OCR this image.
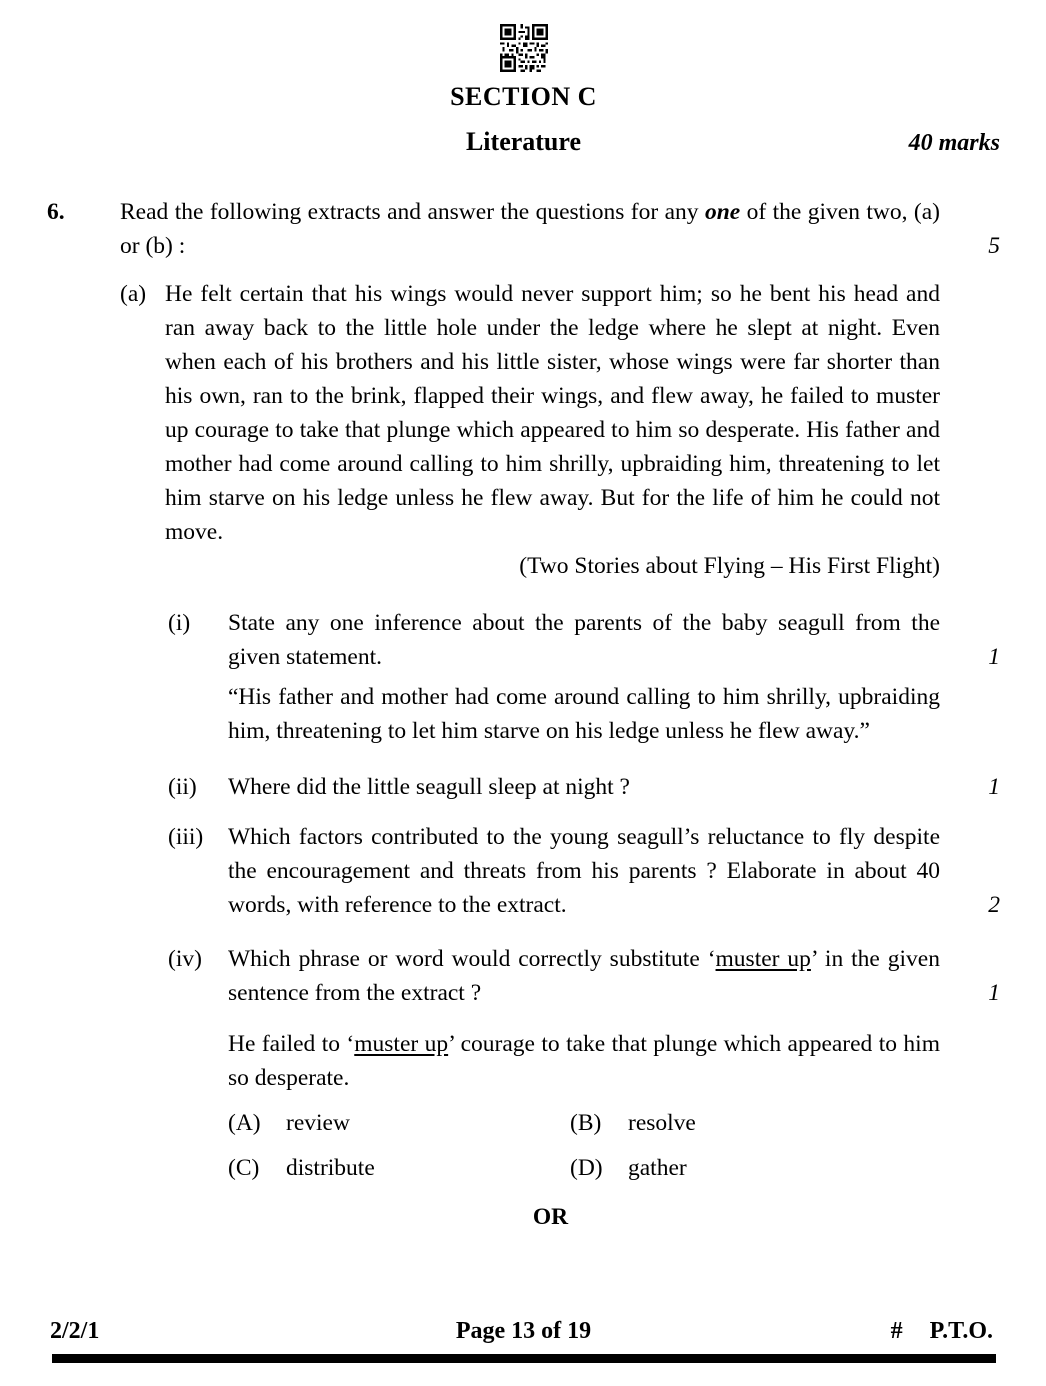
SECTION C
Literature	40 marks
6.	Read the following extracts and answer the questions for any one of the given two, (a) or (b) :	5
(a) He felt certain that his wings would never support him; so he bent his head and ran away back to the little hole under the ledge where he slept at night. Even when each of his brothers and his little sister, whose wings were far shorter than his own, ran to the brink, flapped their wings, and flew away, he failed to muster up courage to take that plunge which appeared to him so desperate. His father and mother had come around calling to him shrilly, upbraiding him, threatening to let him starve on his ledge unless he flew away. But for the life of him he could not move.
(Two Stories about Flying – His First Flight)
(i)	State any one inference about the parents of the baby seagull from the given statement.	1
“His father and mother had come around calling to him shrilly, upbraiding him, threatening to let him starve on his ledge unless he flew away.”
(ii)	Where did the little seagull sleep at night ?	1
(iii)	Which factors contributed to the young seagull’s reluctance to fly despite the encouragement and threats from his parents ? Elaborate in about 40 words, with reference to the extract.	2
(iv)	Which phrase or word would correctly substitute ‘muster up’ in the given sentence from the extract ?	1
He failed to ‘muster up’ courage to take that plunge which appeared to him so desperate.
(A)	review	(B)	resolve
(C)	distribute	(D)	gather
OR
2/2/1	Page 13 of 19	# P.T.O.
